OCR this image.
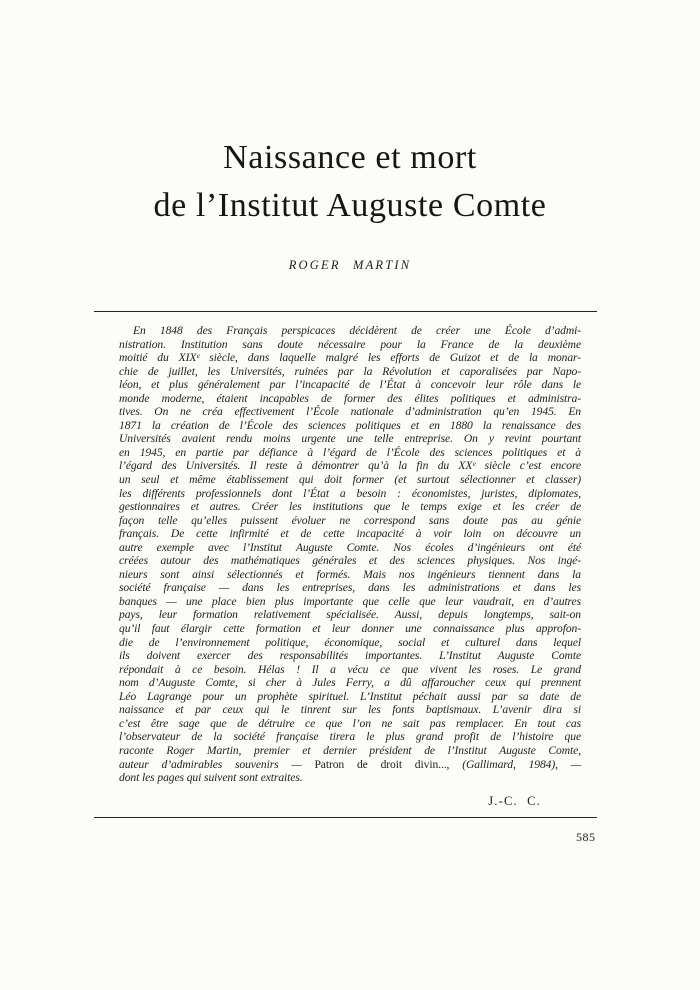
Naissance et mort
de l’Institut Auguste Comte
ROGER MARTIN
En 1848 des Français perspicaces décidèrent de créer une École d’admi-
nistration. Institution sans doute nécessaire pour la France de la deuxième
moitié du XIXᵉ siècle, dans laquelle malgré les efforts de Guizot et de la monar-
chie de juillet, les Universités, ruinées par la Révolution et caporalisées par Napo-
léon, et plus généralement par l’incapacité de l’État à concevoir leur rôle dans le
monde moderne, étaient incapables de former des élites politiques et administra-
tives. On ne créa effectivement l’École nationale d’administration qu’en 1945. En
1871 la création de l’École des sciences politiques et en 1880 la renaissance des
Universités avaient rendu moins urgente une telle entreprise. On y revint pourtant
en 1945, en partie par défiance à l’égard de l’École des sciences politiques et à
l’égard des Universités. Il reste à démontrer qu’à la fin du XXᵉ siècle c’est encore
un seul et même établissement qui doit former (et surtout sélectionner et classer)
les différents professionnels dont l’État a besoin : économistes, juristes, diplomates,
gestionnaires et autres. Créer les institutions que le temps exige et les créer de
façon telle qu’elles puissent évoluer ne correspond sans doute pas au génie
français. De cette infirmité et de cette incapacité à voir loin on découvre un
autre exemple avec l’Institut Auguste Comte. Nos écoles d’ingénieurs ont été
créées autour des mathématiques générales et des sciences physiques. Nos ingé-
nieurs sont ainsi sélectionnés et formés. Mais nos ingénieurs tiennent dans la
société française — dans les entreprises, dans les administrations et dans les
banques — une place bien plus importante que celle que leur vaudrait, en d’autres
pays, leur formation relativement spécialisée. Aussi, depuis longtemps, sait-on
qu’il faut élargir cette formation et leur donner une connaissance plus approfon-
die de l’environnement politique, économique, social et culturel dans lequel
ils doivent exercer des responsabilités importantes. L’Institut Auguste Comte
répondait à ce besoin. Hélas ! Il a vécu ce que vivent les roses. Le grand
nom d’Auguste Comte, si cher à Jules Ferry, a dû affaroucher ceux qui prennent
Léo Lagrange pour un prophète spirituel. L’Institut péchait aussi par sa date de
naissance et par ceux qui le tinrent sur les fonts baptismaux. L’avenir dira si
c’est être sage que de détruire ce que l’on ne sait pas remplacer. En tout cas
l’observateur de la société française tirera le plus grand profit de l’histoire que
raconte Roger Martin, premier et dernier président de l’Institut Auguste Comte,
auteur d’admirables souvenirs — Patron de droit divin..., (Gallimard, 1984), —
dont les pages qui suivent sont extraites.
J.-C. C.
585
